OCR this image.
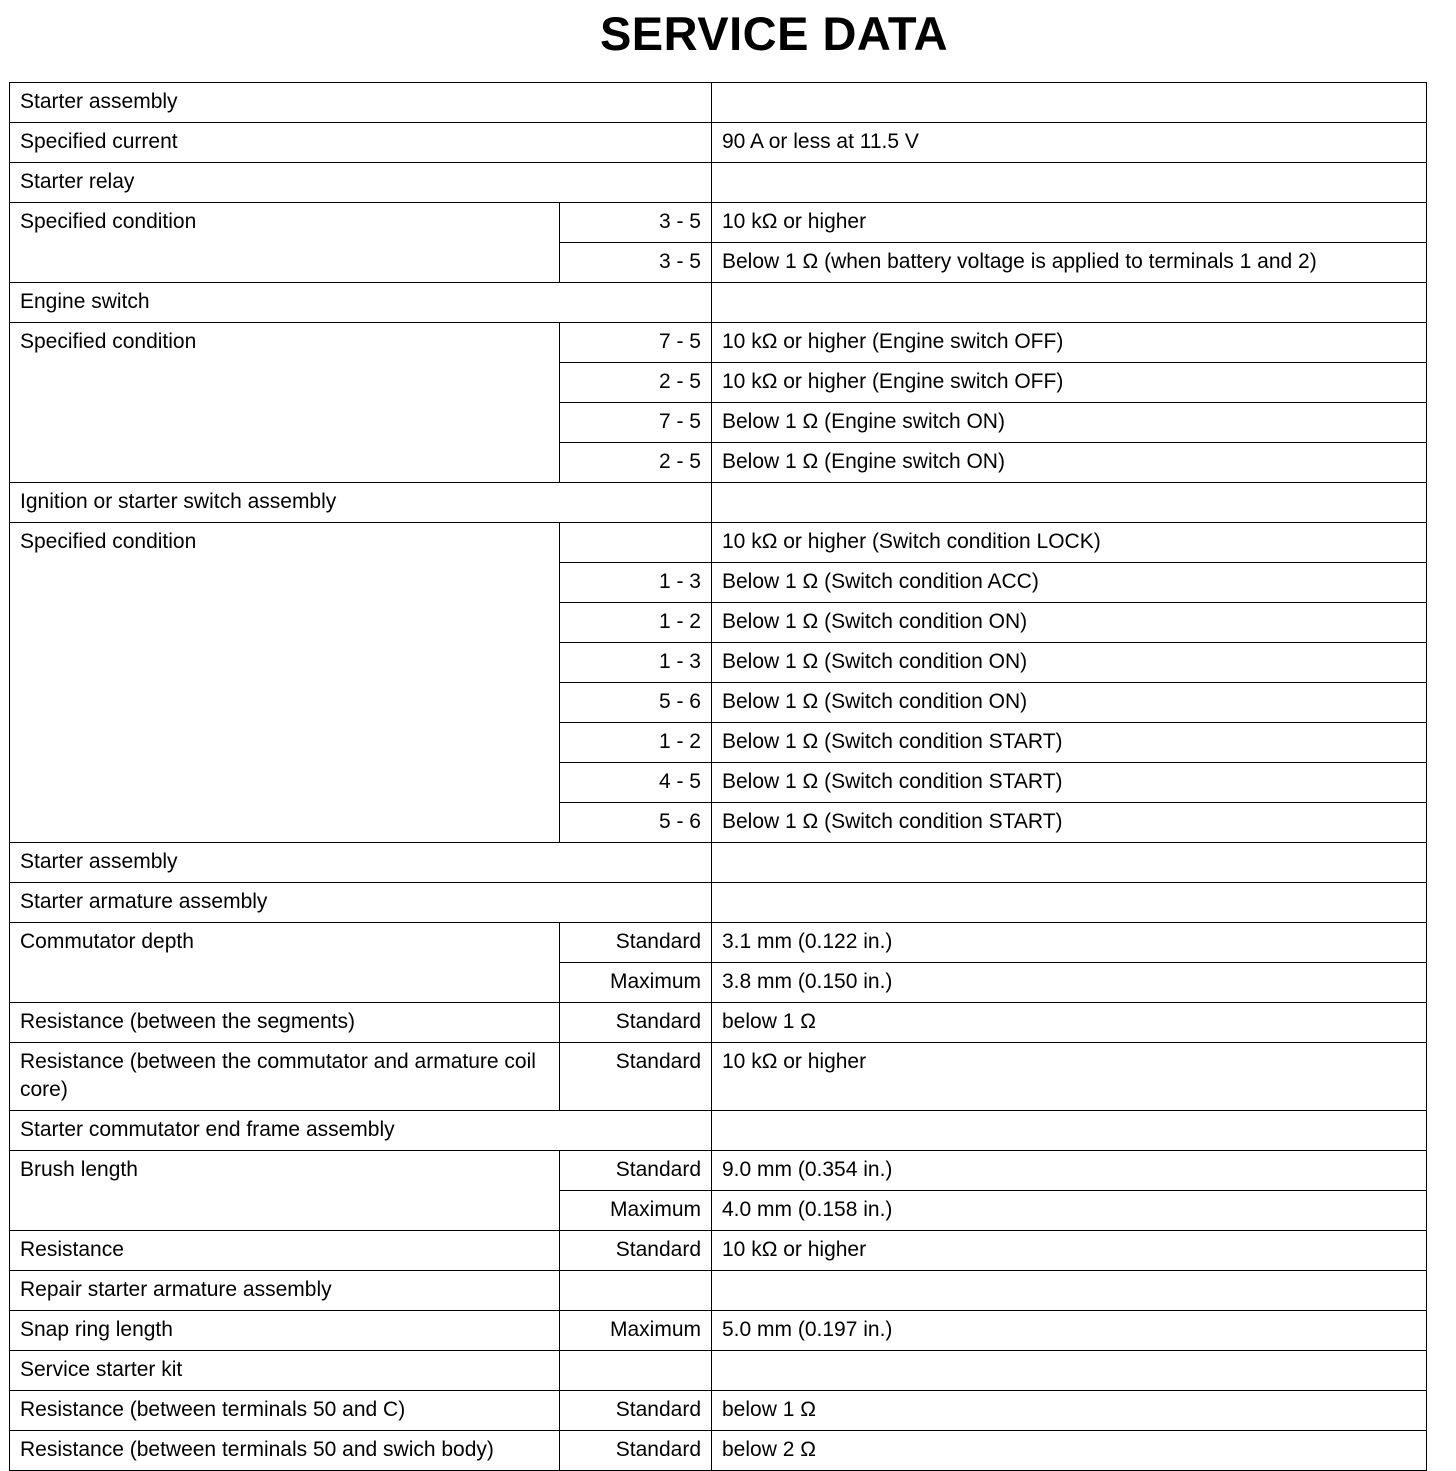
SERVICE DATA
Starter assembly		
Specified current		90 A or less at 11.5 V
Starter relay		
Specified condition	3 - 5	10 kΩ or higher
	3 - 5	Below 1 Ω (when battery voltage is applied to terminals 1 and 2)
Engine switch		
Specified condition	7 - 5	10 kΩ or higher (Engine switch OFF)
	2 - 5	10 kΩ or higher (Engine switch OFF)
	7 - 5	Below 1 Ω (Engine switch ON)
	2 - 5	Below 1 Ω (Engine switch ON)
Ignition or starter switch assembly		
Specified condition		10 kΩ or higher (Switch condition LOCK)
	1 - 3	Below 1 Ω (Switch condition ACC)
	1 - 2	Below 1 Ω (Switch condition ON)
	1 - 3	Below 1 Ω (Switch condition ON)
	5 - 6	Below 1 Ω (Switch condition ON)
	1 - 2	Below 1 Ω (Switch condition START)
	4 - 5	Below 1 Ω (Switch condition START)
	5 - 6	Below 1 Ω (Switch condition START)
Starter assembly		
Starter armature assembly		
Commutator depth	Standard	3.1 mm (0.122 in.)
	Maximum	3.8 mm (0.150 in.)
Resistance (between the segments)	Standard	below 1 Ω
Resistance (between the commutator and armature coil core)	Standard	10 kΩ or higher
Starter commutator end frame assembly		
Brush length	Standard	9.0 mm (0.354 in.)
	Maximum	4.0 mm (0.158 in.)
Resistance	Standard	10 kΩ or higher
Repair starter armature assembly		
Snap ring length	Maximum	5.0 mm (0.197 in.)
Service starter kit		
Resistance (between terminals 50 and C)	Standard	below 1 Ω
Resistance (between terminals 50 and swich body)	Standard	below 2 Ω
